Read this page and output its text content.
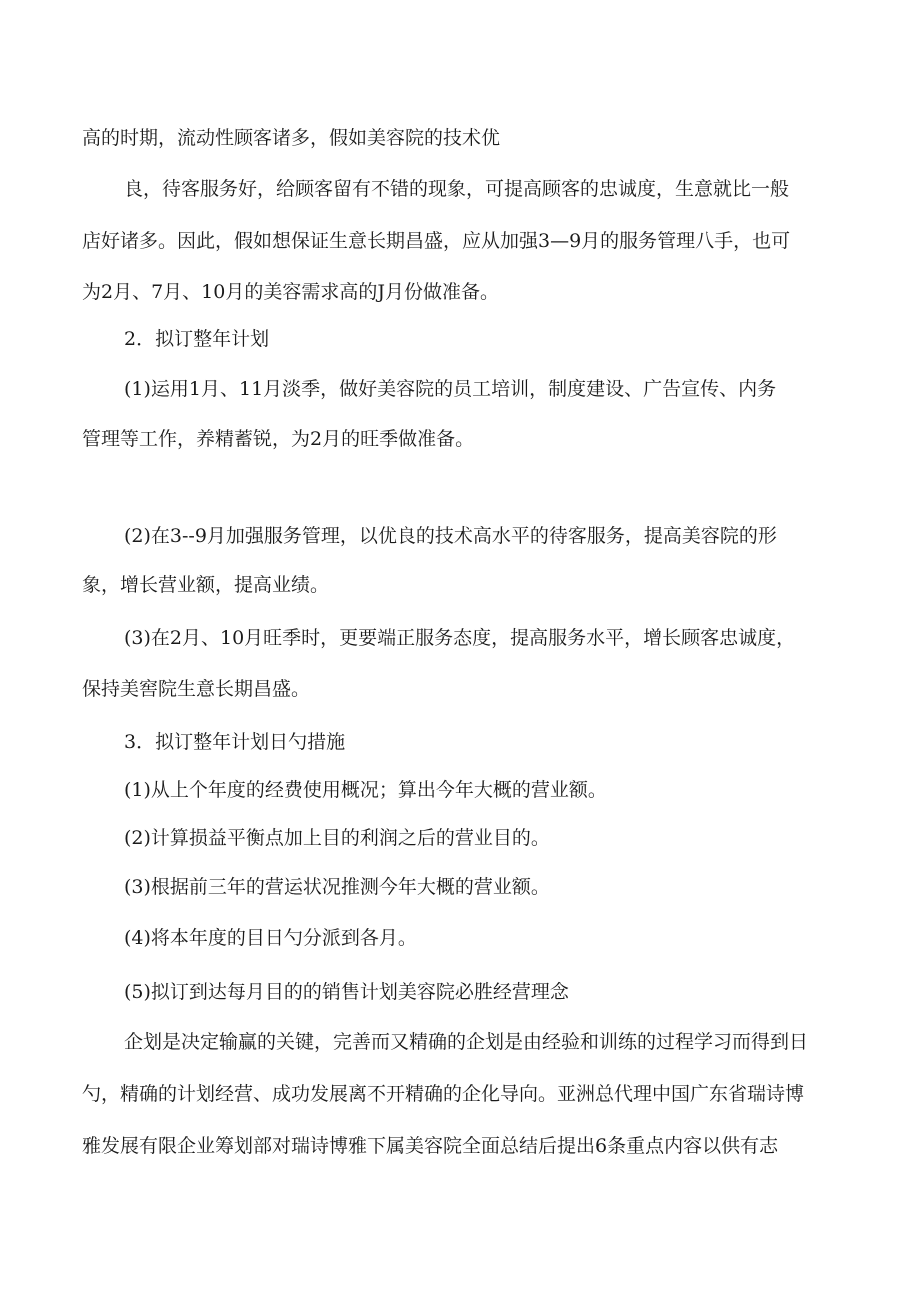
高的时期，流动性顾客诸多，假如美容院的技术优
良，待客服务好，给顾客留有不错的现象，可提高顾客的忠诚度，生意就比一般
店好诸多。因此，假如想保证生意长期昌盛，应从加强3—9月的服务管理八手，也可
为2月、7月、10月的美容需求高的J月份做准备。
2．拟订整年计划
(1)运用1月、11月淡季，做好美容院的员工培训，制度建设、广告宣传、内务
管理等工作，养精蓄锐，为2月的旺季做准备。
(2)在3--9月加强服务管理，以优良的技术高水平的待客服务，提高美容院的形
象，增长营业额，提高业绩。
(3)在2月、10月旺季时，更要端正服务态度，提高服务水平，增长顾客忠诚度，
保持美窖院生意长期昌盛。
3．拟订整年计划日勺措施
(1)从上个年度的经费使用概况；算出今年大概的营业额。
(2)计算损益平衡点加上目的利润之后的营业目的。
(3)根据前三年的营运状况推测今年大概的营业额。
(4)将本年度的目日勺分派到各月。
(5)拟订到达每月目的的销售计划美容院必胜经营理念
企划是决定输赢的关键，完善而又精确的企划是由经验和训练的过程学习而得到日
勺，精确的计划经营、成功发展离不开精确的企化导向。亚洲总代理中国广东省瑞诗博
雅发展有限企业筹划部对瑞诗博雅下属美容院全面总结后提出6条重点内容以供有志
